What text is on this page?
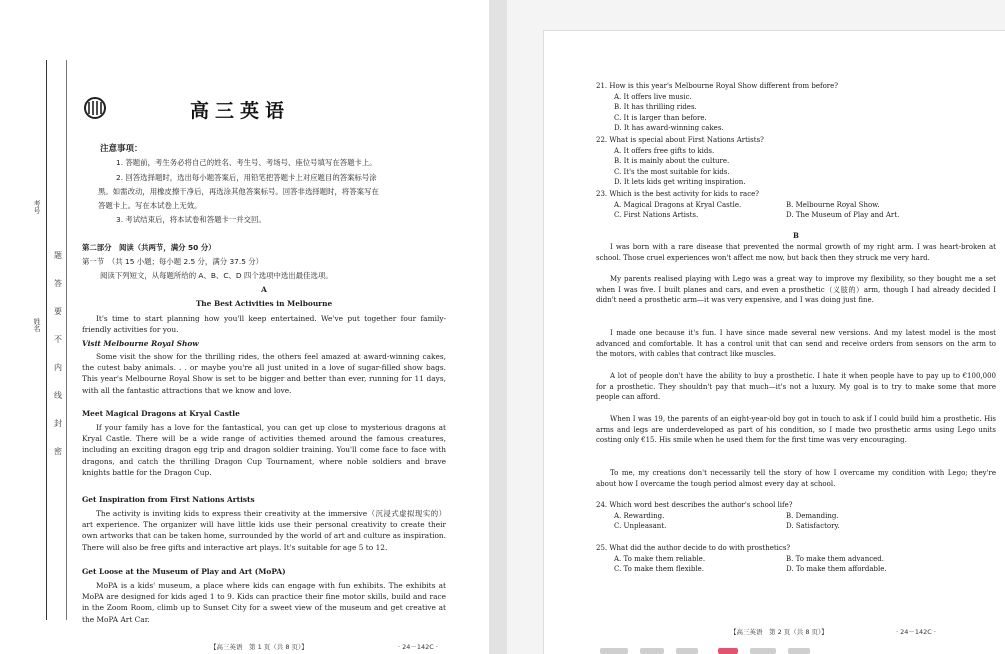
考号
姓名
题
答
要
不
内
线
封
密
高三英语
注意事项：
1. 答题前，考生务必将自己的姓名、考生号、考场号、座位号填写在答题卡上。
2. 回答选择题时，选出每小题答案后，用铅笔把答题卡上对应题目的答案标号涂
黑。如需改动，用橡皮擦干净后，再选涂其他答案标号。回答非选择题时，将答案写在
答题卡上。写在本试卷上无效。
3. 考试结束后，将本试卷和答题卡一并交回。
第二部分　阅读（共两节，满分 50 分）
第一节　（共 15 小题；每小题 2.5 分，满分 37.5 分）
阅读下列短文，从每题所给的 A、B、C、D 四个选项中选出最佳选项。
A
The Best Activities in Melbourne
It's time to start planning how you'll keep entertained. We've put together four family-friendly activities for you.
Visit Melbourne Royal Show
Some visit the show for the thrilling rides, the others feel amazed at award-winning cakes, the cutest baby animals. . . or maybe you're all just united in a love of sugar-filled show bags. This year's Melbourne Royal Show is set to be bigger and better than ever, running for 11 days, with all the fantastic attractions that we know and love.
Meet Magical Dragons at Kryal Castle
If your family has a love for the fantastical, you can get up close to mysterious dragons at Kryal Castle. There will be a wide range of activities themed around the famous creatures, including an exciting dragon egg trip and dragon soldier training. You'll come face to face with dragons, and catch the thrilling Dragon Cup Tournament, where noble soldiers and brave knights battle for the Dragon Cup.
Get Inspiration from First Nations Artists
The activity is inviting kids to express their creativity at the immersive（沉浸式虚拟现实的）art experience. The organizer will have little kids use their personal creativity to create their own artworks that can be taken home, surrounded by the world of art and culture as inspiration. There will also be free gifts and interactive art plays. It's suitable for age 5 to 12.
Get Loose at the Museum of Play and Art (MoPA)
MoPA is a kids' museum, a place where kids can engage with fun exhibits. The exhibits at MoPA are designed for kids aged 1 to 9. Kids can practice their fine motor skills, build and race in the Zoom Room, climb up to Sunset City for a sweet view of the museum and get creative at the MoPA Art Car.
【高三英语　第 1 页（共 8 页）】	· 24－142C ·
21. How is this year's Melbourne Royal Show different from before?
A. It offers live music.
B. It has thrilling rides.
C. It is larger than before.
D. It has award-winning cakes.
22. What is special about First Nations Artists?
A. It offers free gifts to kids.
B. It is mainly about the culture.
C. It's the most suitable for kids.
D. It lets kids get writing inspiration.
23. Which is the best activity for kids to race?
A. Magical Dragons at Kryal Castle.	B. Melbourne Royal Show.
C. First Nations Artists.	D. The Museum of Play and Art.
B
I was born with a rare disease that prevented the normal growth of my right arm. I was heart-broken at school. Those cruel experiences won't affect me now, but back then they struck me very hard.
My parents realised playing with Lego was a great way to improve my flexibility, so they bought me a set when I was five. I built planes and cars, and even a prosthetic（义肢的）arm, though I had already decided I didn't need a prosthetic arm—it was very expensive, and I was doing just fine.
I made one because it's fun. I have since made several new versions. And my latest model is the most advanced and comfortable. It has a control unit that can send and receive orders from sensors on the arm to the motors, with cables that contract like muscles.
A lot of people don't have the ability to buy a prosthetic. I hate it when people have to pay up to €100,000 for a prosthetic. They shouldn't pay that much—it's not a luxury. My goal is to try to make some that more people can afford.
When I was 19, the parents of an eight-year-old boy got in touch to ask if I could build him a prosthetic. His arms and legs are underdeveloped as part of his condition, so I made two prosthetic arms using Lego units costing only €15. His smile when he used them for the first time was very encouraging.
To me, my creations don't necessarily tell the story of how I overcame my condition with Lego; they're about how I overcame the tough period almost every day at school.
24. Which word best describes the author's school life?
A. Rewarding.	B. Demanding.
C. Unpleasant.	D. Satisfactory.
25. What did the author decide to do with prosthetics?
A. To make them reliable.	B. To make them advanced.
C. To make them flexible.	D. To make them affordable.
【高三英语　第 2 页（共 8 页）】	· 24－142C ·
